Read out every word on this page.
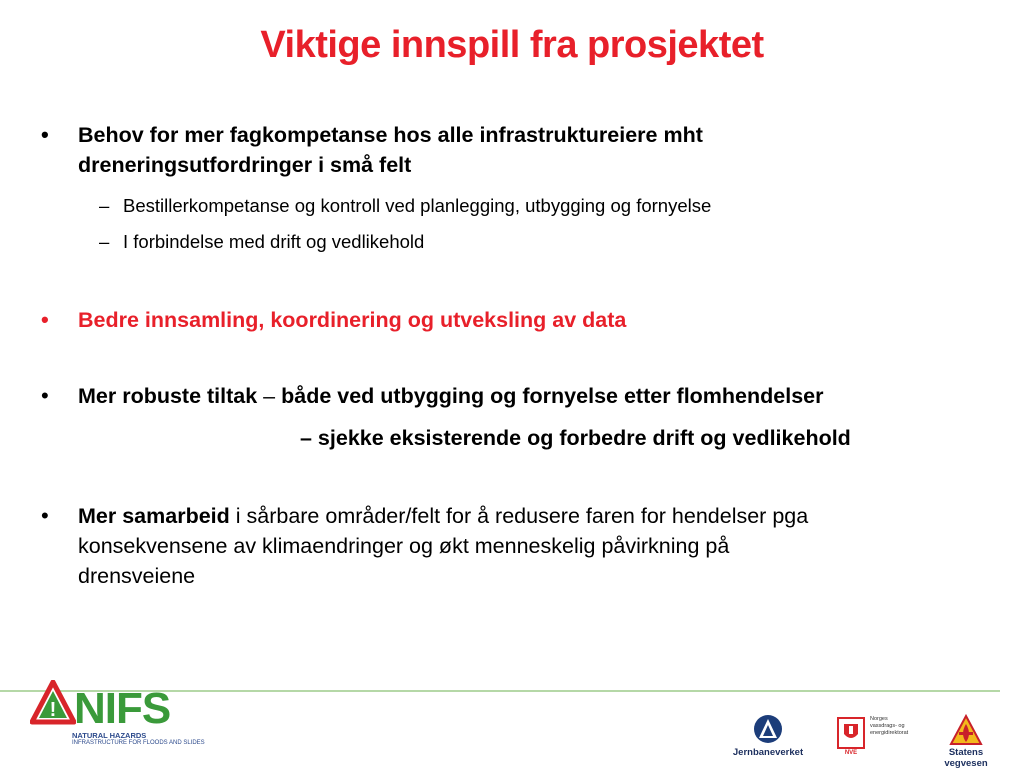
Viktige innspill fra prosjektet
• Behov for mer fagkompetanse hos alle infrastruktureiere mht
dreneringsutfordringer i små felt
– Bestillerkompetanse og kontroll ved planlegging, utbygging og fornyelse
– I forbindelse med drift og vedlikehold
• Bedre innsamling, koordinering og utveksling av data
• Mer robuste tiltak – både ved utbygging og fornyelse etter flomhendelser
– sjekke eksisterende og forbedre drift og vedlikehold
• Mer samarbeid i sårbare områder/felt for å redusere faren for hendelser pga
konsekvensene av klimaendringer og økt menneskelig påvirkning på
drensveiene
! NIFS
NATURAL HAZARDS
INFRASTRUCTURE FOR FLOODS AND SLIDES
Jernbaneverket	NVE
Norges
vassdrags- og
energidirektorat
Statens vegvesen
